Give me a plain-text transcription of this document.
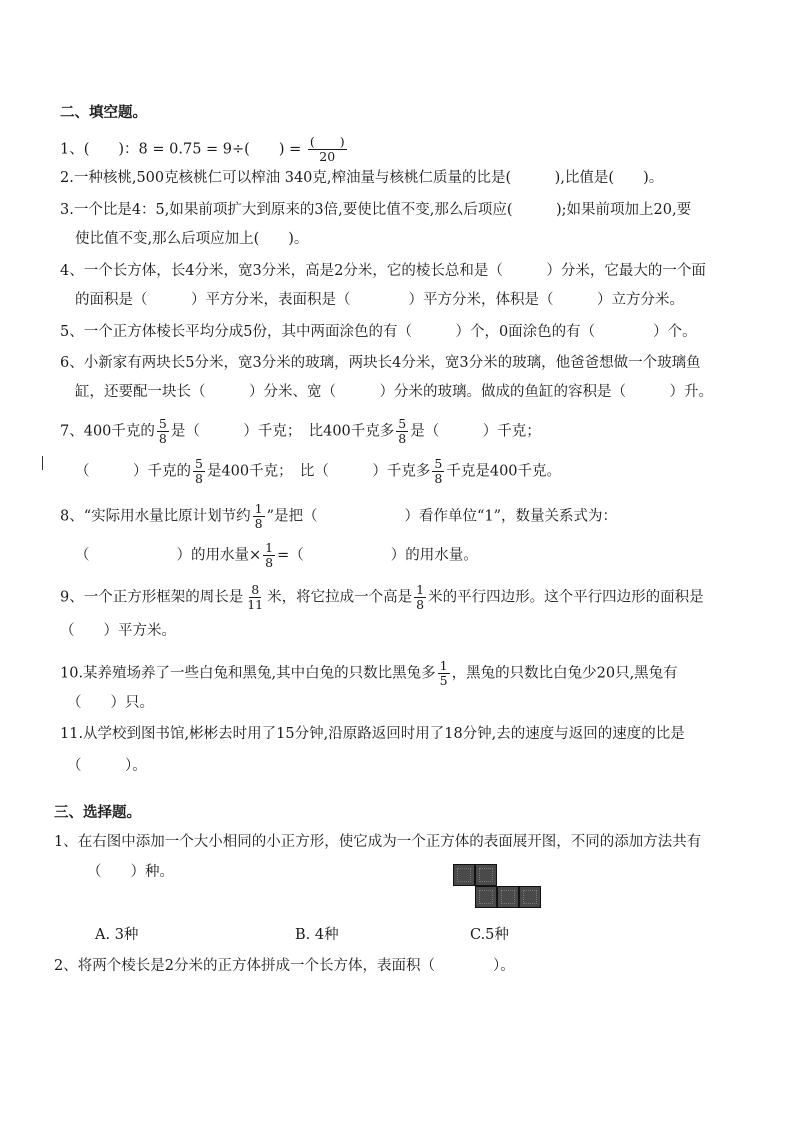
二、填空题。
1、(　　)：8 = 0.75 = 9÷(　　) = $\frac{( )}{20}$
2.一种核桃,500克核桃仁可以榨油 340克,榨油量与核桃仁质量的比是(　　　),比值是(　　)。
3.一个比是4：5,如果前项扩大到原来的3倍,要使比值不变,那么后项应(　　　);如果前项加上20,要
使比值不变,那么后项应加上(　　)。
4、一个长方体，长4分米，宽3分米，高是2分米，它的棱长总和是（　　　）分米，它最大的一个面
的面积是（　　　）平方分米，表面积是（　　　　）平方分米，体积是（　　　）立方分米。
5、一个正方体棱长平均分成5份，其中两面涂色的有（　　　）个，0面涂色的有（　　　　）个。
6、小新家有两块长5分米，宽3分米的玻璃，两块长4分米，宽3分米的玻璃，他爸爸想做一个玻璃鱼
缸，还要配一块长（　　　）分米、宽（　　　）分米的玻璃。做成的鱼缸的容积是（　　　）升。
7、400千克的 $\frac{5}{8}$ 是（　　　）千克；　比400千克多 $\frac{5}{8}$ 是（　　　）千克；
（　　　）千克的 $\frac{5}{8}$ 是400千克；　比（　　　）千克多 $\frac{5}{8}$ 千克是400千克。
8、“实际用水量比原计划节约 $\frac{1}{8}$ ”是把（　　　　　　）看作单位“1”，数量关系式为：
（　　　　　　）的用水量× $\frac{1}{8}$ =（　　　　　　）的用水量。
9、一个正方形框架的周长是 $\frac{8}{11}$ 米，将它拉成一个高是 $\frac{1}{8}$ 米的平行四边形。这个平行四边形的面积是
（　　）平方米。
10.某养殖场养了一些白兔和黑兔,其中白兔的只数比黑兔多 $\frac{1}{5}$ ，黑兔的只数比白兔少20只,黑兔有
（　　）只。
11.从学校到图书馆,彬彬去时用了15分钟,沿原路返回时用了18分钟,去的速度与返回的速度的比是
（　　　）。
三、选择题。
1、在右图中添加一个大小相同的小正方形，使它成为一个正方体的表面展开图，不同的添加方法共有
（　　）种。
A. 3种	B. 4种	C.5种
2、将两个棱长是2分米的正方体拼成一个长方体，表面积（　　　　）。
